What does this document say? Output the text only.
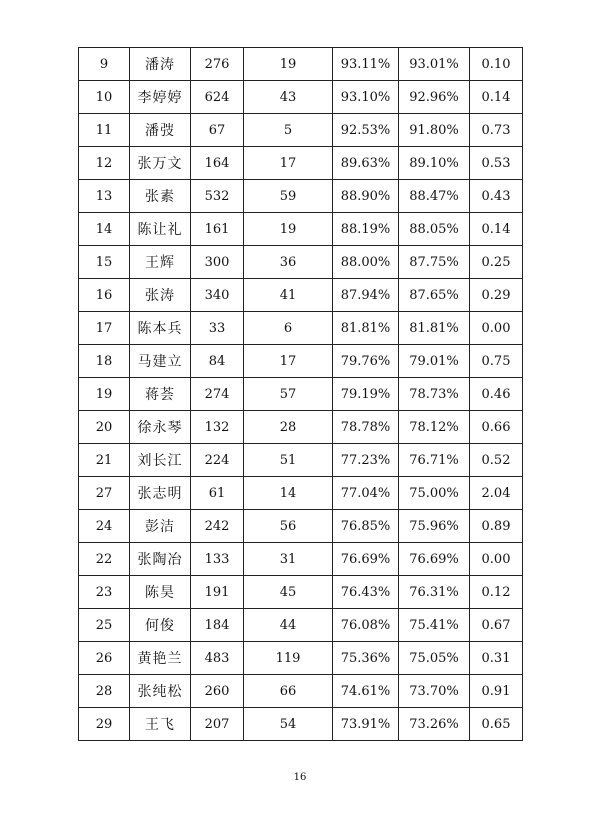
9	潘涛	276	19	93.11%	93.01%	0.10
10	李婷婷	624	43	93.10%	92.96%	0.14
11	潘弢	67	5	92.53%	91.80%	0.73
12	张万文	164	17	89.63%	89.10%	0.53
13	张素	532	59	88.90%	88.47%	0.43
14	陈让礼	161	19	88.19%	88.05%	0.14
15	王辉	300	36	88.00%	87.75%	0.25
16	张涛	340	41	87.94%	87.65%	0.29
17	陈本兵	33	6	81.81%	81.81%	0.00
18	马建立	84	17	79.76%	79.01%	0.75
19	蒋荟	274	57	79.19%	78.73%	0.46
20	徐永琴	132	28	78.78%	78.12%	0.66
21	刘长江	224	51	77.23%	76.71%	0.52
27	张志明	61	14	77.04%	75.00%	2.04
24	彭洁	242	56	76.85%	75.96%	0.89
22	张陶冶	133	31	76.69%	76.69%	0.00
23	陈昊	191	45	76.43%	76.31%	0.12
25	何俊	184	44	76.08%	75.41%	0.67
26	黄艳兰	483	119	75.36%	75.05%	0.31
28	张纯松	260	66	74.61%	73.70%	0.91
29	王飞	207	54	73.91%	73.26%	0.65
16
